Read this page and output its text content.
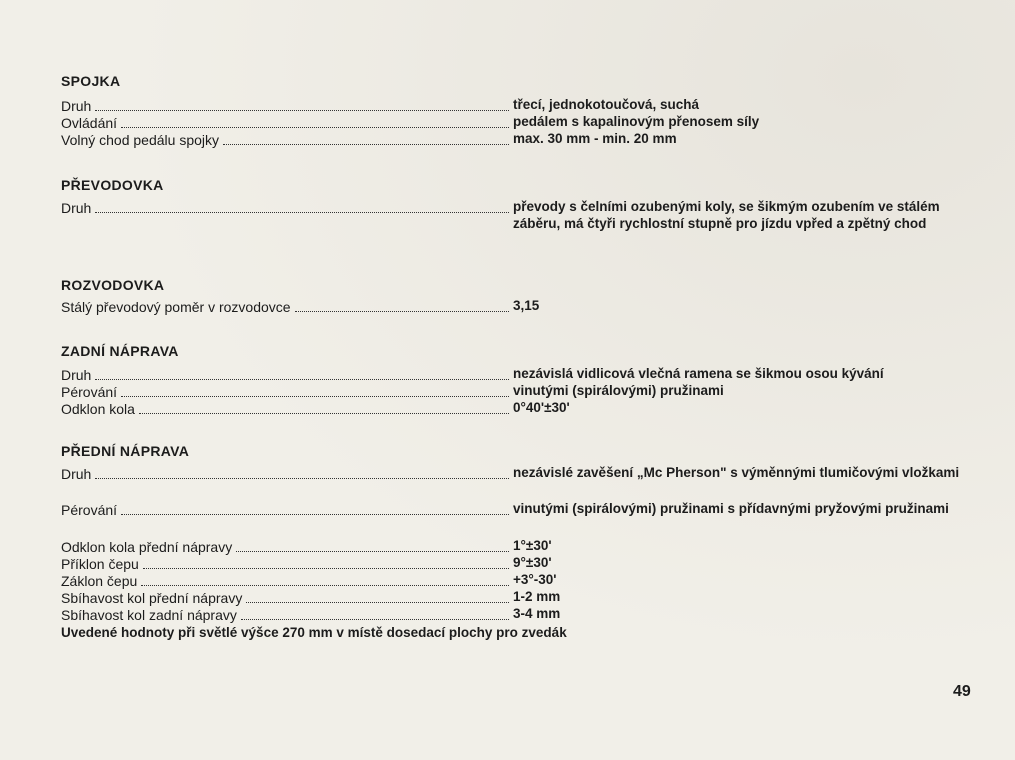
SPOJKA
Druh	třecí, jednokotoučová, suchá
Ovládání	pedálem s kapalinovým přenosem síly
Volný chod pedálu spojky	max. 30 mm - min. 20 mm
PŘEVODOVKA
Druh	převody s čelními ozubenými koly, se šikmým ozubením ve stálém záběru, má čtyři rychlostní stupně pro jízdu vpřed a zpětný chod
ROZVODOVKA
Stálý převodový poměr v rozvodovce	3,15
ZADNÍ NÁPRAVA
Druh	nezávislá vidlicová vlečná ramena se šikmou osou kývání
Pérování	vinutými (spirálovými) pružinami
Odklon kola	0°40'±30'
PŘEDNÍ NÁPRAVA
Druh	nezávislé zavěšení „Mc Pherson" s výměnnými tlumičovými vložkami
Pérování	vinutými (spirálovými) pružinami s přídavnými pryžovými pružinami
Odklon kola přední nápravy	1°±30'
Příklon čepu	9°±30'
Záklon čepu	+3°-30'
Sbíhavost kol přední nápravy	1-2 mm
Sbíhavost kol zadní nápravy	3-4 mm
Uvedené hodnoty při světlé výšce 270 mm v místě dosedací plochy pro zvedák
49
